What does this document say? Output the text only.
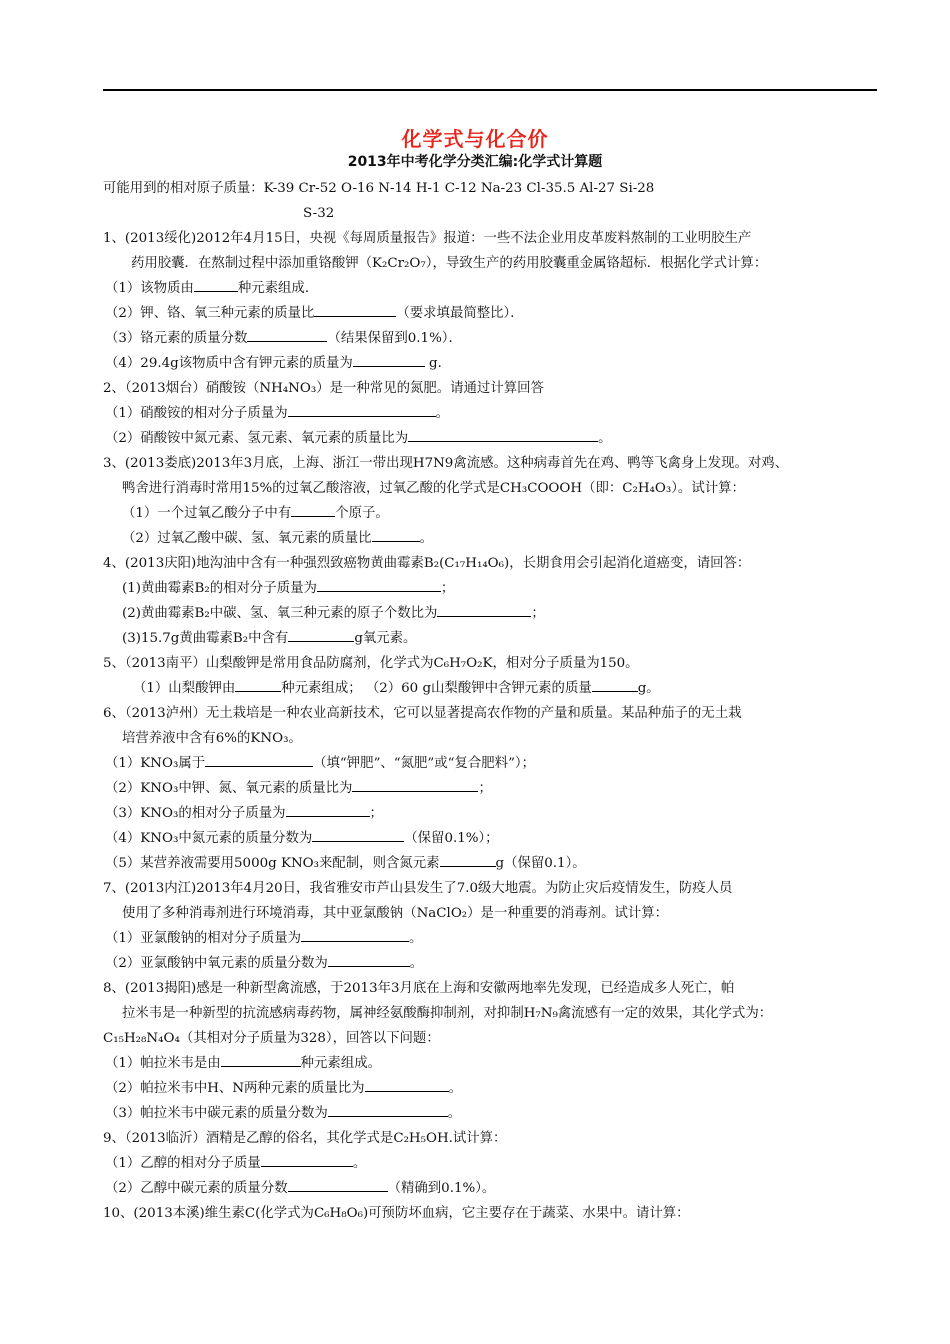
化学式与化合价
2013年中考化学分类汇编:化学式计算题
可能用到的相对原子质量：K-39 Cr-52 O-16 N-14 H-1 C-12 Na-23 Cl-35.5 Al-27 Si-28
S-32
1、(2013绥化)2012年4月15日，央视《每周质量报告》报道：一些不法企业用皮革废料熬制的工业明胶生产
药用胶囊．在熬制过程中添加重铬酸钾（K₂Cr₂O₇），导致生产的药用胶囊重金属铬超标．根据化学式计算：
（1）该物质由	种元素组成．
（2）钾、铬、氧三种元素的质量比	（要求填最简整比）．
（3）铬元素的质量分数	（结果保留到0.1%）．
（4）29.4g该物质中含有钾元素的质量为	g．
2、（2013烟台）硝酸铵（NH₄NO₃）是一种常见的氮肥。请通过计算回答
（1）硝酸铵的相对分子质量为	。
（2）硝酸铵中氮元素、氢元素、氧元素的质量比为	。
3、(2013娄底)2013年3月底，上海、浙江一带出现H7N9禽流感。这种病毒首先在鸡、鸭等飞禽身上发现。对鸡、
鸭舍进行消毒时常用15%的过氧乙酸溶液，过氧乙酸的化学式是CH₃COOOH（即：C₂H₄O₃）。试计算：
（1）一个过氧乙酸分子中有	个原子。
（2）过氧乙酸中碳、氢、氧元素的质量比	。
4、(2013庆阳)地沟油中含有一种强烈致癌物黄曲霉素B₂(C₁₇H₁₄O₆)，长期食用会引起消化道癌变，请回答：
(1)黄曲霉素B₂的相对分子质量为	；
(2)黄曲霉素B₂中碳、氢、氧三种元素的原子个数比为	；
(3)15.7g黄曲霉素B₂中含有	g氧元素。
5、（2013南平）山梨酸钾是常用食品防腐剂，化学式为C₆H₇O₂K，相对分子质量为150。
（1）山梨酸钾由	种元素组成； （2）60 g山梨酸钾中含钾元素的质量	g。
6、（2013泸州）无土栽培是一种农业高新技术，它可以显著提高农作物的产量和质量。某品种茄子的无土栽
培营养液中含有6%的KNO₃。
（1）KNO₃属于	（填“钾肥”、“氮肥”或“复合肥料”）；
（2）KNO₃中钾、氮、氧元素的质量比为	；
（3）KNO₃的相对分子质量为	；
（4）KNO₃中氮元素的质量分数为	（保留0.1%）；
（5）某营养液需要用5000g KNO₃来配制，则含氮元素	g（保留0.1）。
7、(2013内江)2013年4月20日，我省雅安市芦山县发生了7.0级大地震。为防止灾后疫情发生，防疫人员
使用了多种消毒剂进行环境消毒，其中亚氯酸钠（NaClO₂）是一种重要的消毒剂。试计算：
（1）亚氯酸钠的相对分子质量为	。
（2）亚氯酸钠中氧元素的质量分数为	。
8、(2013揭阳)感是一种新型禽流感，于2013年3月底在上海和安徽两地率先发现，已经造成多人死亡，帕
拉米韦是一种新型的抗流感病毒药物，属神经氨酸酶抑制剂，对抑制H₇N₉禽流感有一定的效果，其化学式为：
C₁₅H₂₈N₄O₄（其相对分子质量为328），回答以下问题：
（1）帕拉米韦是由	种元素组成。
（2）帕拉米韦中H、N两种元素的质量比为	。
（3）帕拉米韦中碳元素的质量分数为	。
9、（2013临沂）酒精是乙醇的俗名，其化学式是C₂H₅OH.试计算：
（1）乙醇的相对分子质量	。
（2）乙醇中碳元素的质量分数	（精确到0.1%）。
10、(2013本溪)维生素C(化学式为C₆H₈O₆)可预防坏血病，它主要存在于蔬菜、水果中。请计算：
